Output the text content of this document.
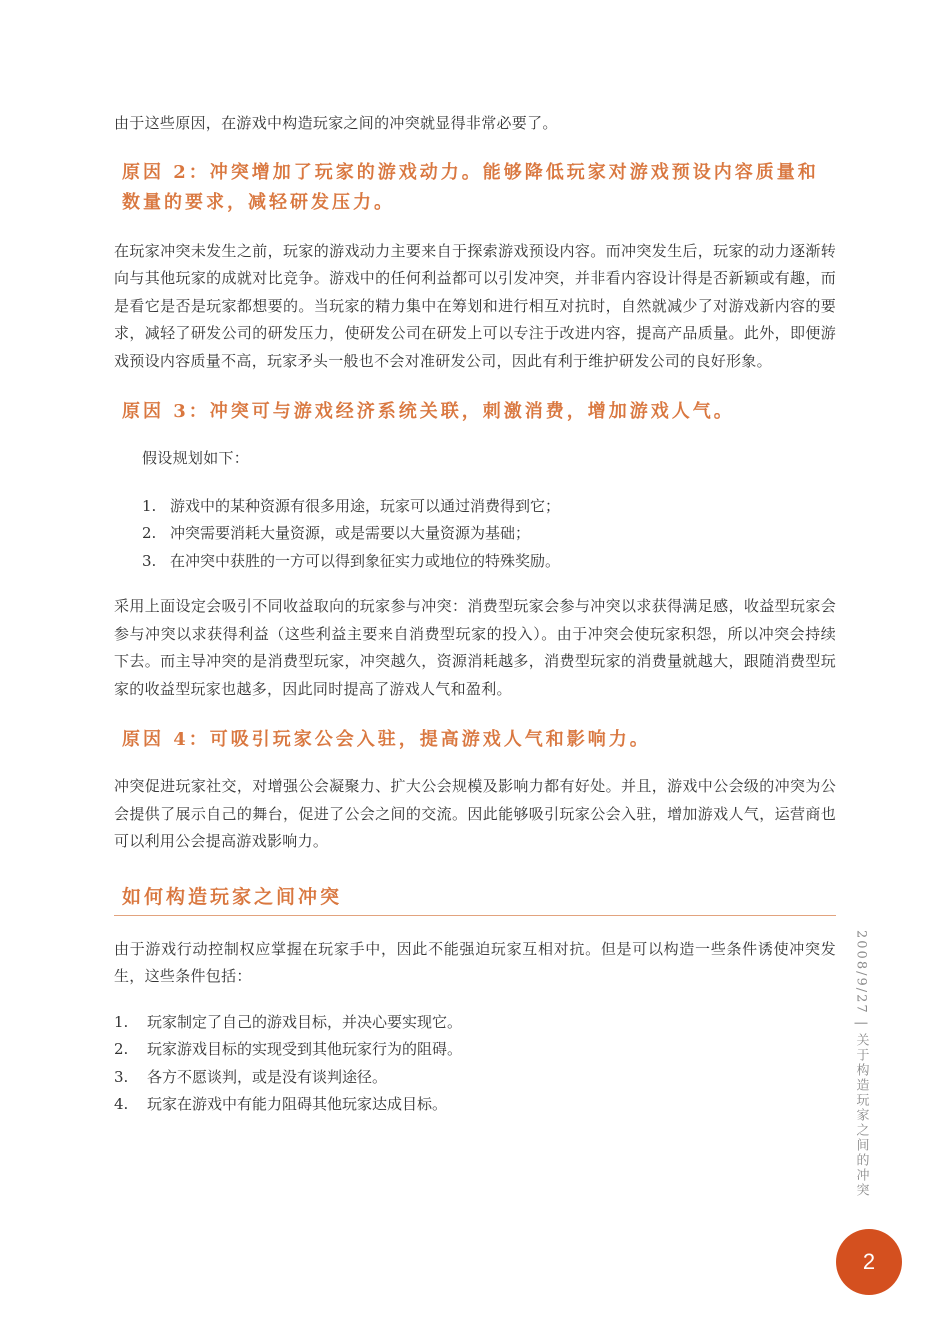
由于这些原因，在游戏中构造玩家之间的冲突就显得非常必要了。

原因 2：冲突增加了玩家的游戏动力。能够降低玩家对游戏预设内容质量和数量的要求，减轻研发压力。

在玩家冲突未发生之前，玩家的游戏动力主要来自于探索游戏预设内容。而冲突发生后，玩家的动力逐渐转向与其他玩家的成就对比竞争。游戏中的任何利益都可以引发冲突，并非看内容设计得是否新颖或有趣，而是看它是否是玩家都想要的。当玩家的精力集中在筹划和进行相互对抗时，自然就减少了对游戏新内容的要求，减轻了研发公司的研发压力，使研发公司在研发上可以专注于改进内容，提高产品质量。此外，即便游戏预设内容质量不高，玩家矛头一般也不会对准研发公司，因此有利于维护研发公司的良好形象。

原因 3：冲突可与游戏经济系统关联，刺激消费，增加游戏人气。

假设规划如下：

1. 游戏中的某种资源有很多用途，玩家可以通过消费得到它；
2. 冲突需要消耗大量资源，或是需要以大量资源为基础；
3. 在冲突中获胜的一方可以得到象征实力或地位的特殊奖励。

采用上面设定会吸引不同收益取向的玩家参与冲突：消费型玩家会参与冲突以求获得满足感，收益型玩家会参与冲突以求获得利益（这些利益主要来自消费型玩家的投入）。由于冲突会使玩家积怨，所以冲突会持续下去。而主导冲突的是消费型玩家，冲突越久，资源消耗越多，消费型玩家的消费量就越大，跟随消费型玩家的收益型玩家也越多，因此同时提高了游戏人气和盈利。

原因 4：可吸引玩家公会入驻，提高游戏人气和影响力。

冲突促进玩家社交，对增强公会凝聚力、扩大公会规模及影响力都有好处。并且，游戏中公会级的冲突为公会提供了展示自己的舞台，促进了公会之间的交流。因此能够吸引玩家公会入驻，增加游戏人气，运营商也可以利用公会提高游戏影响力。

如何构造玩家之间冲突

由于游戏行动控制权应掌握在玩家手中，因此不能强迫玩家互相对抗。但是可以构造一些条件诱使冲突发生，这些条件包括：

1.	玩家制定了自己的游戏目标，并决心要实现它。
2.	玩家游戏目标的实现受到其他玩家行为的阻碍。
3.	各方不愿谈判，或是没有谈判途径。
4.	玩家在游戏中有能力阻碍其他玩家达成目标。
2008/9/27
|
关于构造玩家之间的冲突
2
